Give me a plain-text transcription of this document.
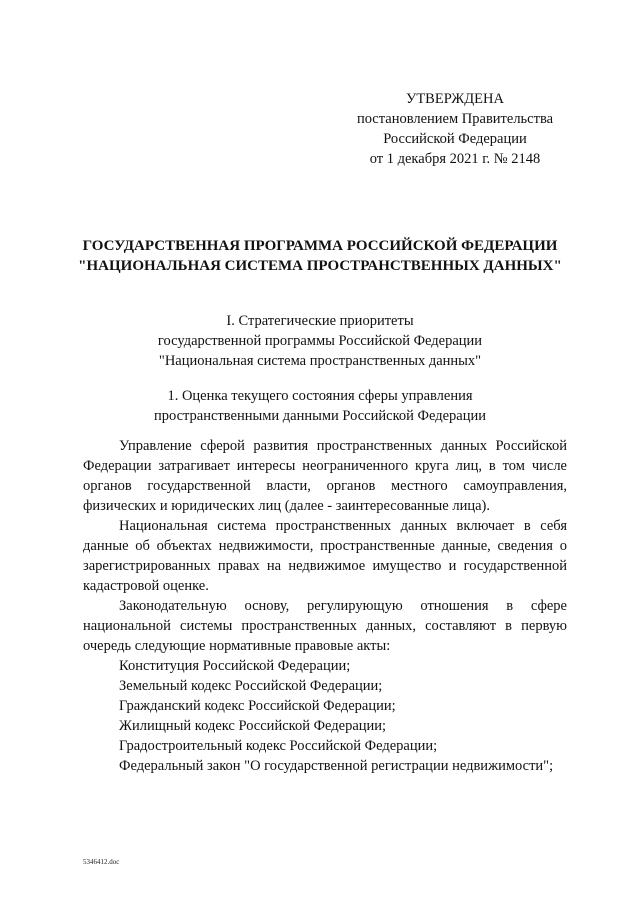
УТВЕРЖДЕНА
постановлением Правительства
Российской Федерации
от 1 декабря 2021 г. № 2148
ГОСУДАРСТВЕННАЯ ПРОГРАММА РОССИЙСКОЙ ФЕДЕРАЦИИ
"НАЦИОНАЛЬНАЯ СИСТЕМА ПРОСТРАНСТВЕННЫХ ДАННЫХ"
I. Стратегические приоритеты
государственной программы Российской Федерации
"Национальная система пространственных данных"
1. Оценка текущего состояния сферы управления
пространственными данными Российской Федерации

Управление сферой развития пространственных данных Российской Федерации затрагивает интересы неограниченного круга лиц, в том числе органов государственной власти, органов местного самоуправления, физических и юридических лиц (далее - заинтересованные лица).

Национальная система пространственных данных включает в себя данные об объектах недвижимости, пространственные данные, сведения о зарегистрированных правах на недвижимое имущество и государственной кадастровой оценке.

Законодательную основу, регулирующую отношения в сфере национальной системы пространственных данных, составляют в первую очередь следующие нормативные правовые акты:

Конституция Российской Федерации;

Земельный кодекс Российской Федерации;

Гражданский кодекс Российской Федерации;

Жилищный кодекс Российской Федерации;

Градостроительный кодекс Российской Федерации;

Федеральный закон "О государственной регистрации недвижимости";

5346412.doc
